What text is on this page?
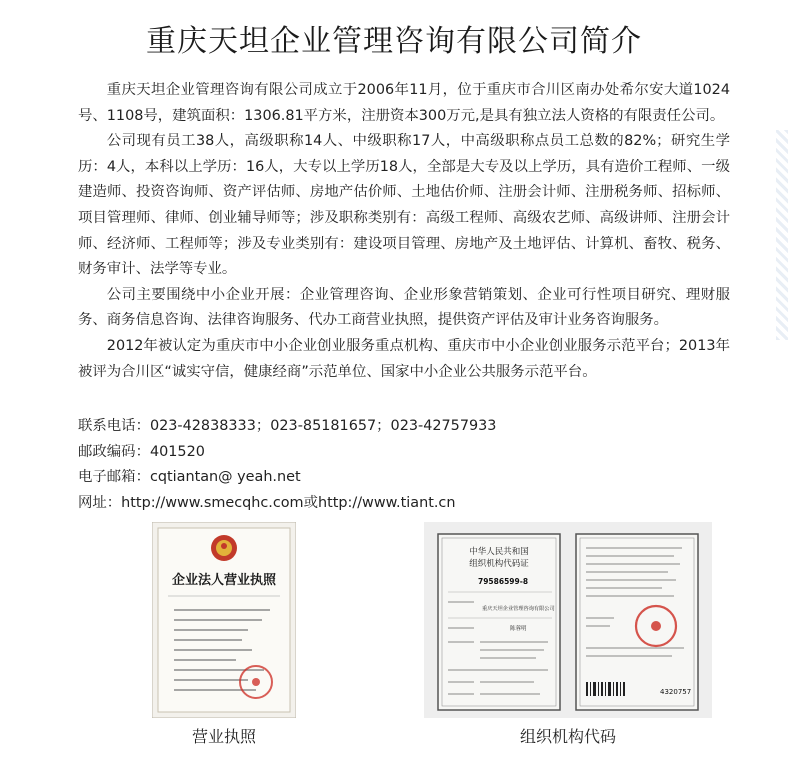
重庆天坦企业管理咨询有限公司简介

重庆天坦企业管理咨询有限公司成立于2006年11月，位于重庆市合川区南办处希尔安大道1024号、1108号，建筑面积：1306.81平方米，注册资本300万元,是具有独立法人资格的有限责任公司。

公司现有员工38人，高级职称14人、中级职称17人，中高级职称点员工总数的82%；研究生学历：4人，本科以上学历：16人，大专以上学历18人，全部是大专及以上学历，具有造价工程师、一级建造师、投资咨询师、资产评估师、房地产估价师、土地估价师、注册会计师、注册税务师、招标师、项目管理师、律师、创业辅导师等；涉及职称类别有：高级工程师、高级农艺师、高级讲师、注册会计师、经济师、工程师等；涉及专业类别有：建设项目管理、房地产及土地评估、计算机、畜牧、税务、财务审计、法学等专业。

公司主要围绕中小企业开展：企业管理咨询、企业形象营销策划、企业可行性项目研究、理财服务、商务信息咨询、法律咨询服务、代办工商营业执照，提供资产评估及审计业务咨询服务。

2012年被认定为重庆市中小企业创业服务重点机构、重庆市中小企业创业服务示范平台；2013年被评为合川区“诚实守信，健康经商”示范单位、国家中小企业公共服务示范平台。

联系电话：023-42838333；023-85181657；023-42757933
邮政编码：401520
电子邮箱：cqtiantan@ yeah.net
网址：http://www.smecqhc.com或http://www.tiant.cn
企业法人营业执照
中华人民共和国
组织机构代码证
79586599-8
重庆天坦企业管理咨询有限公司
陈蓉明
4320757
营业执照	组织机构代码
